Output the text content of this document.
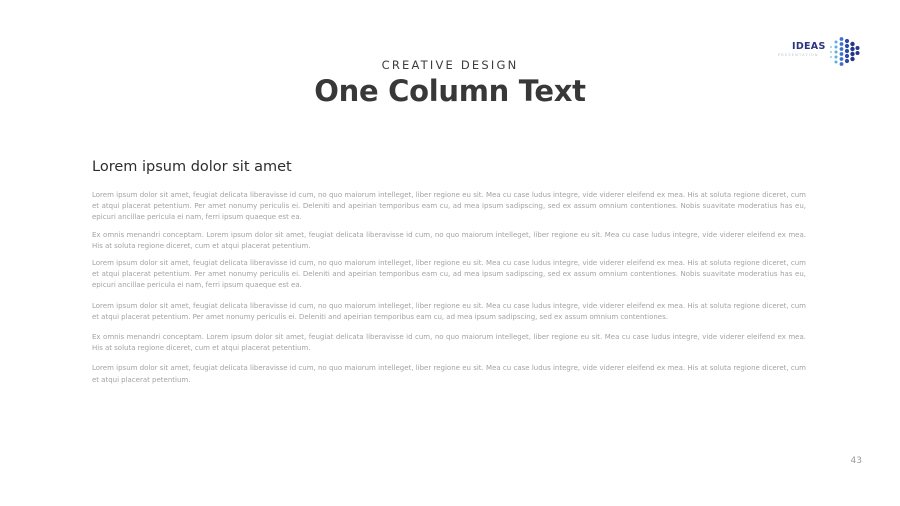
IDEAS
PRESENTATION
CREATIVE DESIGN
One Column Text
Lorem ipsum dolor sit amet

Lorem ipsum dolor sit amet, feugiat delicata liberavisse id cum, no quo maiorum intelleget, liber regione eu sit. Mea cu case ludus integre, vide viderer eleifend ex mea. His at soluta regione diceret, cum et atqui placerat petentium. Per amet nonumy periculis ei. Deleniti and apeirian temporibus eam cu, ad mea ipsum sadipscing, sed ex assum omnium contentiones. Nobis suavitate moderatius has eu, epicuri ancillae pericula ei nam, ferri ipsum quaeque est ea.

Ex omnis menandri conceptam. Lorem ipsum dolor sit amet, feugiat delicata liberavisse id cum, no quo maiorum intelleget, liber regione eu sit. Mea cu case ludus integre, vide viderer eleifend ex mea. His at soluta regione diceret, cum et atqui placerat petentium.

Lorem ipsum dolor sit amet, feugiat delicata liberavisse id cum, no quo maiorum intelleget, liber regione eu sit. Mea cu case ludus integre, vide viderer eleifend ex mea. His at soluta regione diceret, cum et atqui placerat petentium. Per amet nonumy periculis ei. Deleniti and apeirian temporibus eam cu, ad mea ipsum sadipscing, sed ex assum omnium contentiones. Nobis suavitate moderatius has eu, epicuri ancillae pericula ei nam, ferri ipsum quaeque est ea.

Lorem ipsum dolor sit amet, feugiat delicata liberavisse id cum, no quo maiorum intelleget, liber regione eu sit. Mea cu case ludus integre, vide viderer eleifend ex mea. His at soluta regione diceret, cum et atqui placerat petentium. Per amet nonumy periculis ei. Deleniti and apeirian temporibus eam cu, ad mea ipsum sadipscing, sed ex assum omnium contentiones.

Ex omnis menandri conceptam. Lorem ipsum dolor sit amet, feugiat delicata liberavisse id cum, no quo maiorum intelleget, liber regione eu sit. Mea cu case ludus integre, vide viderer eleifend ex mea. His at soluta regione diceret, cum et atqui placerat petentium.

Lorem ipsum dolor sit amet, feugiat delicata liberavisse id cum, no quo maiorum intelleget, liber regione eu sit. Mea cu case ludus integre, vide viderer eleifend ex mea. His at soluta regione diceret, cum et atqui placerat petentium.

43
